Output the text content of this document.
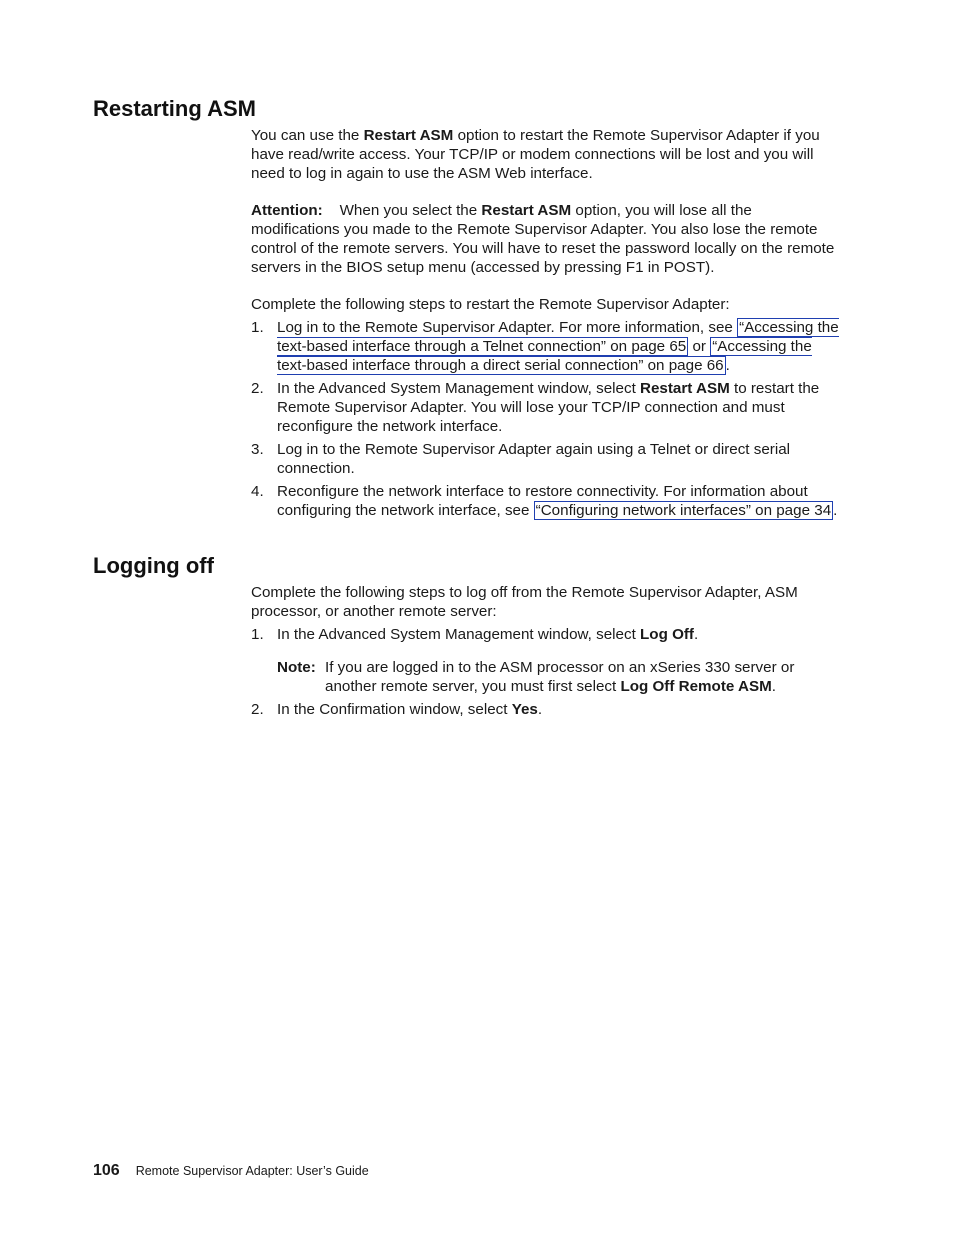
Restarting ASM

You can use the Restart ASM option to restart the Remote Supervisor Adapter if you have read/write access. Your TCP/IP or modem connections will be lost and you will need to log in again to use the ASM Web interface.

Attention: When you select the Restart ASM option, you will lose all the modifications you made to the Remote Supervisor Adapter. You also lose the remote control of the remote servers. You will have to reset the password locally on the remote servers in the BIOS setup menu (accessed by pressing F1 in POST).

Complete the following steps to restart the Remote Supervisor Adapter:

1. Log in to the Remote Supervisor Adapter. For more information, see “Accessing the text-based interface through a Telnet connection” on page 65 or “Accessing the text-based interface through a direct serial connection” on page 66 .
2. In the Advanced System Management window, select Restart ASM to restart the Remote Supervisor Adapter. You will lose your TCP/IP connection and must reconfigure the network interface.
3. Log in to the Remote Supervisor Adapter again using a Telnet or direct serial connection.
4. Reconfigure the network interface to restore connectivity. For information about configuring the network interface, see “Configuring network interfaces” on page 34 .
Logging off

Complete the following steps to log off from the Remote Supervisor Adapter, ASM processor, or another remote server:

1. In the Advanced System Management window, select Log Off.
Note: If you are logged in to the ASM processor on an xSeries 330 server or another remote server, you must first select Log Off Remote ASM.
2. In the Confirmation window, select Yes.
106 Remote Supervisor Adapter: User’s Guide
